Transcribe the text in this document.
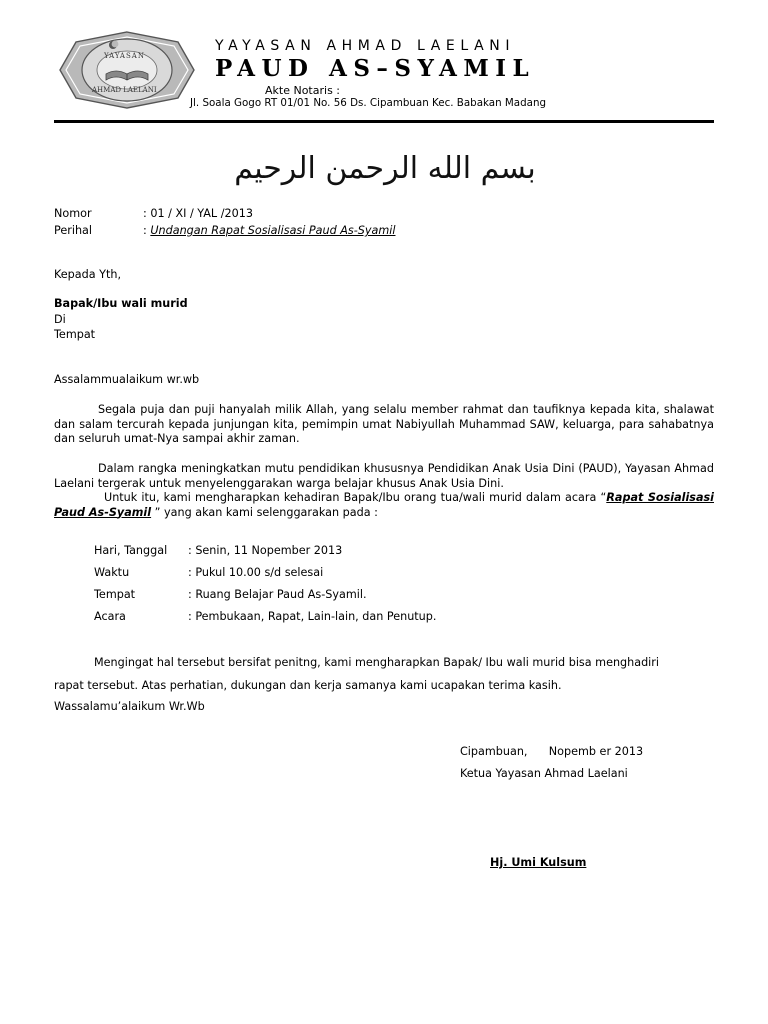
YAYASAN
AHMAD LAELANI
YAYASAN AHMAD LAELANI
PAUD AS–SYAMIL
Akte Notaris :
Jl. Soala Gogo RT 01/01 No. 56 Ds. Cipambuan Kec. Babakan Madang
بسم الله الرحمن الرحيم
Nomor	: 01 / XI / YAL /2013
Perihal	: Undangan Rapat Sosialisasi Paud As-Syamil
Kepada Yth,
Bapak/Ibu wali murid
Di
Tempat
Assalammualaikum wr.wb
Segala puja dan puji hanyalah milik Allah, yang selalu member rahmat dan taufiknya kepada kita, shalawat dan salam tercurah kepada junjungan kita, pemimpin umat Nabiyullah Muhammad SAW, keluarga, para sahabatnya dan seluruh umat-Nya sampai akhir zaman.
Dalam rangka meningkatkan mutu pendidikan khususnya Pendidikan Anak Usia Dini (PAUD), Yayasan Ahmad Laelani tergerak untuk menyelenggarakan warga belajar khusus Anak Usia Dini.
Untuk itu, kami mengharapkan kehadiran Bapak/Ibu orang tua/wali murid dalam acara “Rapat Sosialisasi Paud As-Syamil ” yang akan kami selenggarakan pada :
Hari, Tanggal : Senin, 11 Nopember 2013
Waktu	: Pukul 10.00 s/d selesai
Tempat	: Ruang Belajar Paud As-Syamil.
Acara	: Pembukaan, Rapat, Lain-lain, dan Penutup.
Mengingat hal tersebut bersifat penitng, kami mengharapkan Bapak/ Ibu wali murid bisa menghadiri
rapat tersebut. Atas perhatian, dukungan dan kerja samanya kami ucapakan terima kasih.
Wassalamu’alaikum Wr.Wb
Cipambuan,      Nopemb er 2013
Ketua Yayasan Ahmad Laelani
Hj. Umi Kulsum
